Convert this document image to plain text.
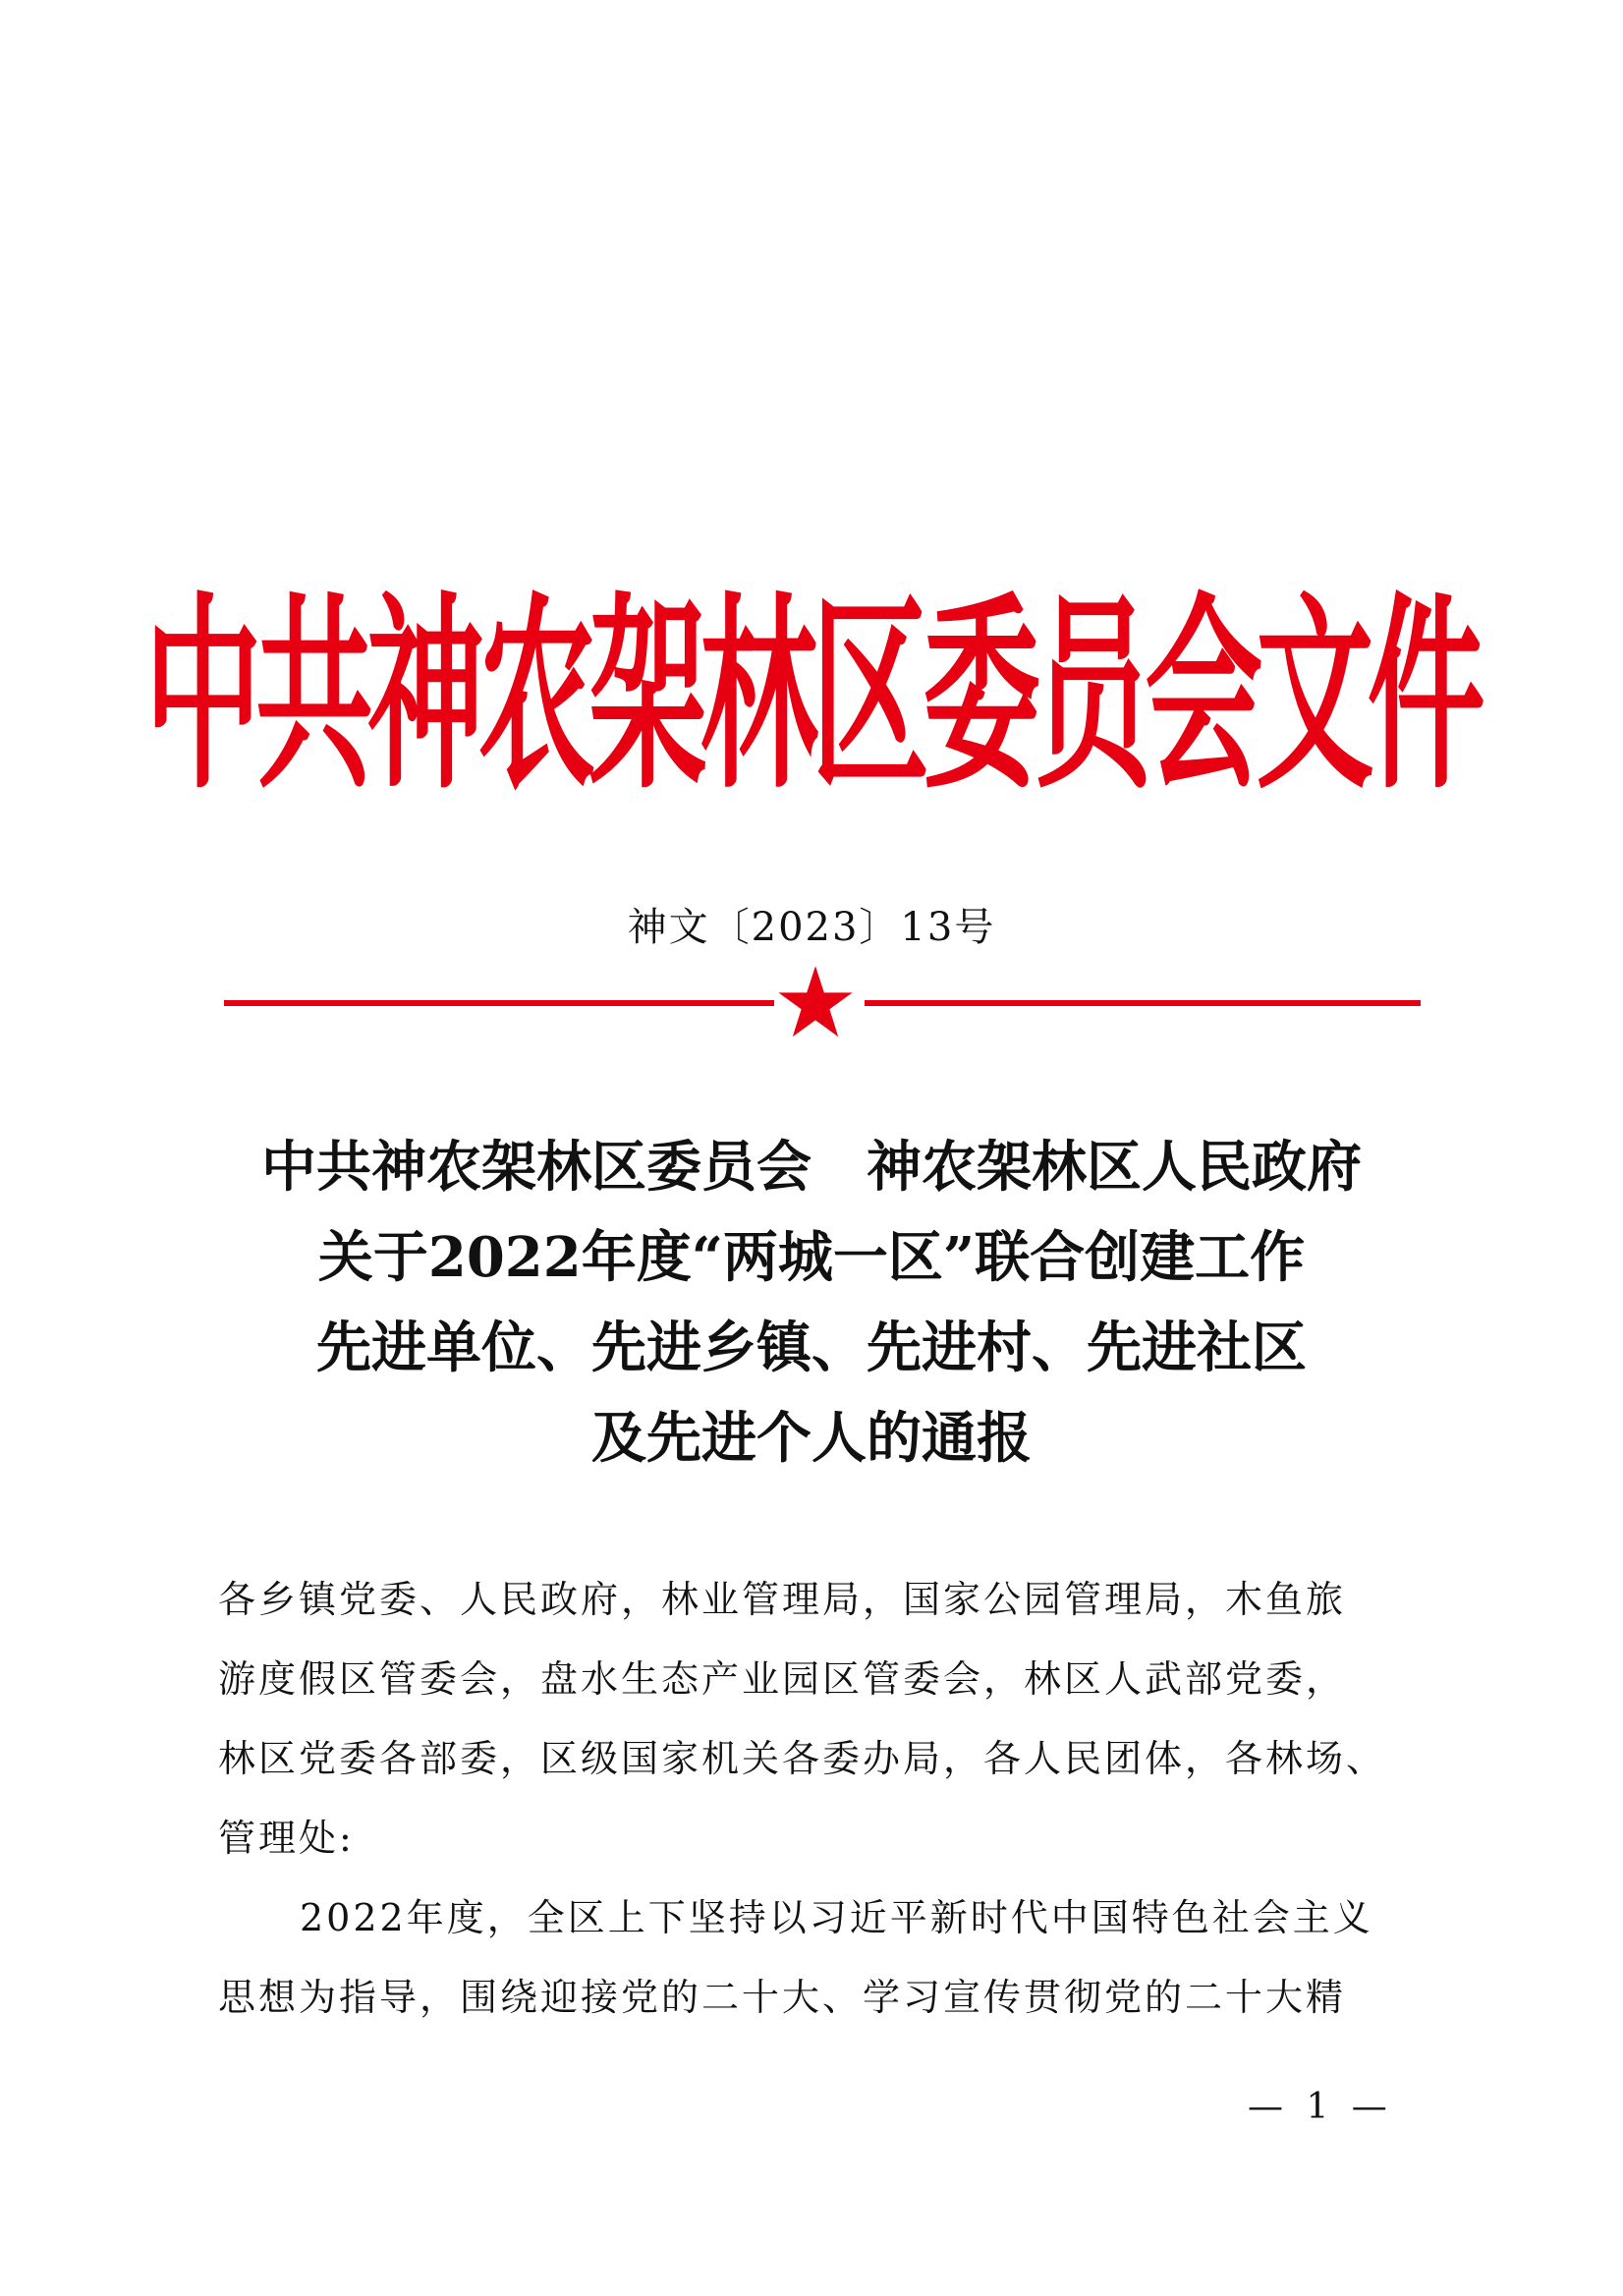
中共神农架林区委员会文件
神文〔2023〕13号
中共神农架林区委员会　神农架林区人民政府
关于2022年度“两城一区”联合创建工作
先进单位、先进乡镇、先进村、先进社区
及先进个人的通报
各乡镇党委、人民政府，林业管理局，国家公园管理局，木鱼旅
游度假区管委会，盘水生态产业园区管委会，林区人武部党委，
林区党委各部委，区级国家机关各委办局，各人民团体，各林场、
管理处:
2022年度，全区上下坚持以习近平新时代中国特色社会主义
思想为指导，围绕迎接党的二十大、学习宣传贯彻党的二十大精
— 1 —
